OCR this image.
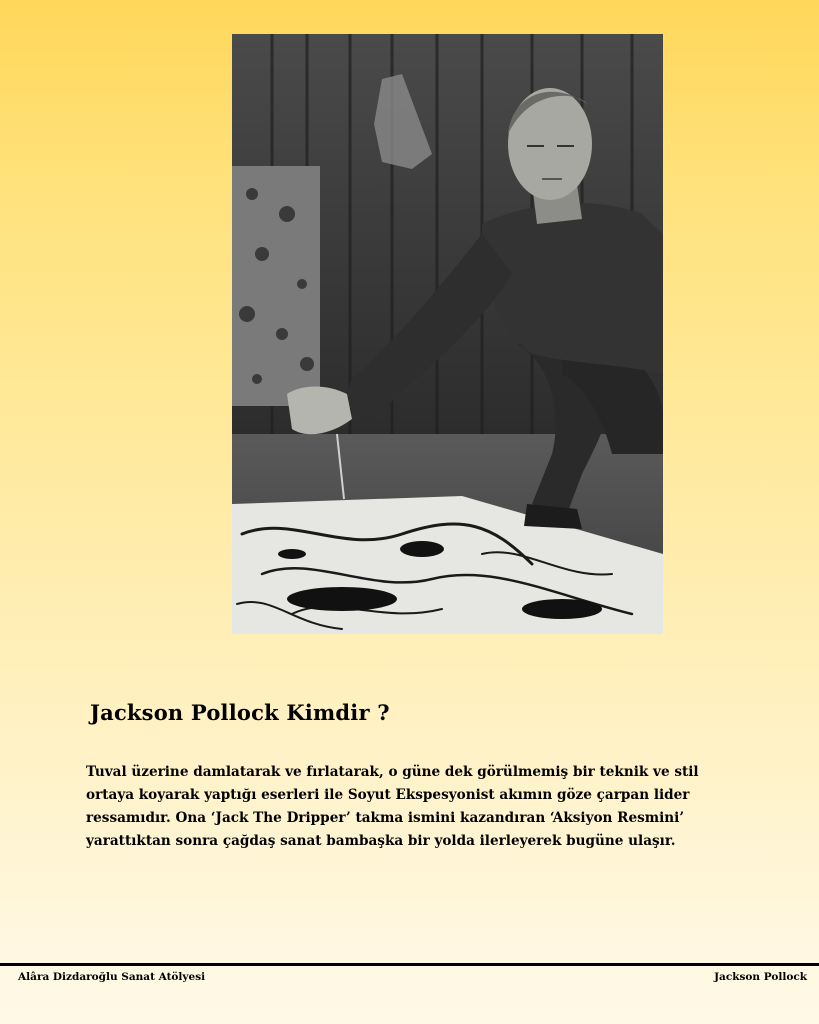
Jackson Pollock Kimdir ?

Tuval üzerine damlatarak ve fırlatarak, o güne dek görülmemiş bir teknik ve stil ortaya koyarak yaptığı eserleri ile Soyut Ekspesyonist akımın göze çarpan lider ressamıdır. Ona ‘Jack The Dripper’ takma ismini kazandıran ‘Aksiyon Resmini’ yarattıktan sonra çağdaş sanat bambaşka bir yolda ilerleyerek bugüne ulaşır.

Alâra Dizdaroğlu Sanat Atölyesi	Jackson Pollock
